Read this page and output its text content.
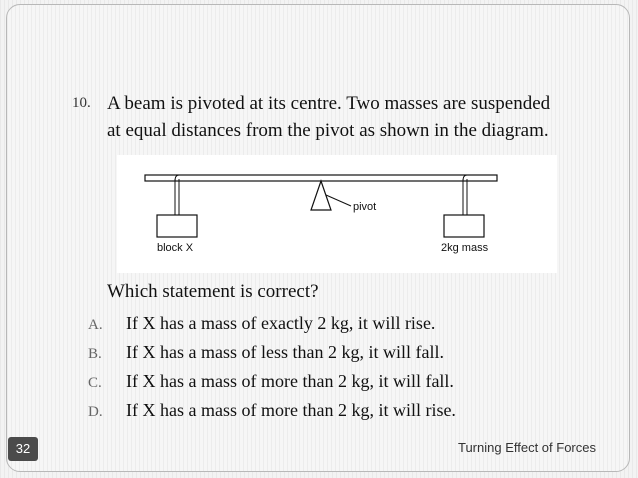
10. A beam is pivoted at its centre. Two masses are suspended
at equal distances from the pivot as shown in the diagram.
pivot
block X	2kg mass
Which statement is correct?
A. If X has a mass of exactly 2 kg, it will rise.
B. If X has a mass of less than 2 kg, it will fall.
C. If X has a mass of more than 2 kg, it will fall.
D. If X has a mass of more than 2 kg, it will rise.
32	Turning Effect of Forces
